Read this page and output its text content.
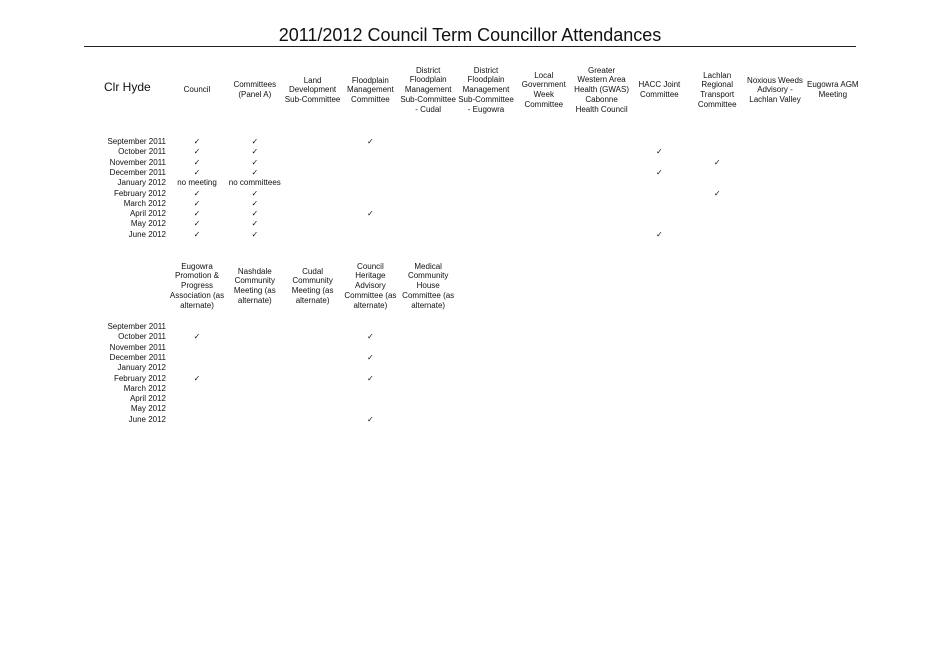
2011/2012 Council Term Councillor Attendances
Clr Hyde	Council
✓
✓
✓
✓
no meeting
✓
✓
✓
✓
✓
Committees (Panel A)
✓
✓
✓
✓
no committees
✓
✓
✓
✓
✓
Land Development Sub-Committee
Floodplain Management Committee
✓
✓
District Floodplain Management Sub-Committee - Cudal
District Floodplain Management Sub-Committee - Eugowra
Local Government Week Committee
Greater Western Area Health (GWAS) Cabonne Health Council
HACC Joint Committee
✓
✓
✓
Lachlan Regional Transport Committee
✓
✓
Noxious Weeds Advisory - Lachlan Valley
Eugowra AGM Meeting
September 2011
October 2011
November 2011
December 2011
January 2012
February 2012
March 2012
April 2012
May 2012
June 2012
Eugowra Promotion & Progress Association (as alternate)
✓
✓
Nashdale Community Meeting (as alternate)
Cudal Community Meeting (as alternate)
Council Heritage Advisory Committee (as alternate)
✓
✓
✓
✓
Medical Community House Committee (as alternate)
September 2011
October 2011
November 2011
December 2011
January 2012
February 2012
March 2012
April 2012
May 2012
June 2012
